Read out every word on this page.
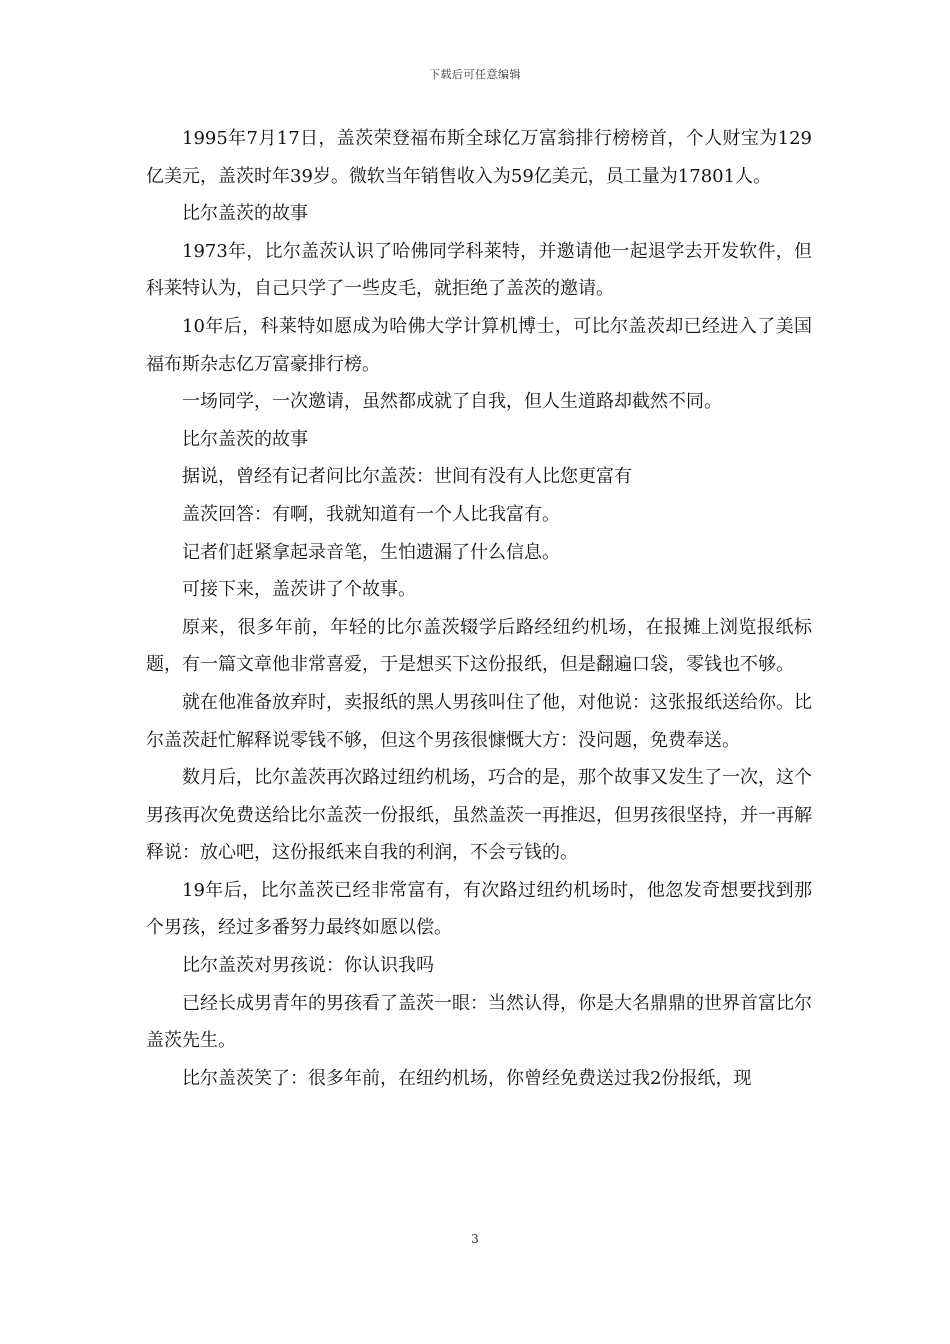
下载后可任意编辑

1995年7月17日，盖茨荣登福布斯全球亿万富翁排行榜榜首，个人财宝为129亿美元，盖茨时年39岁。微软当年销售收入为59亿美元，员工量为17801人。

比尔盖茨的故事

1973年，比尔盖茨认识了哈佛同学科莱特，并邀请他一起退学去开发软件，但科莱特认为，自己只学了一些皮毛，就拒绝了盖茨的邀请。

10年后，科莱特如愿成为哈佛大学计算机博士，可比尔盖茨却已经进入了美国福布斯杂志亿万富豪排行榜。

一场同学，一次邀请，虽然都成就了自我，但人生道路却截然不同。

比尔盖茨的故事

据说，曾经有记者问比尔盖茨：世间有没有人比您更富有

盖茨回答：有啊，我就知道有一个人比我富有。

记者们赶紧拿起录音笔，生怕遗漏了什么信息。

可接下来，盖茨讲了个故事。

原来，很多年前，年轻的比尔盖茨辍学后路经纽约机场，在报摊上浏览报纸标题，有一篇文章他非常喜爱，于是想买下这份报纸，但是翻遍口袋，零钱也不够。

就在他准备放弃时，卖报纸的黑人男孩叫住了他，对他说：这张报纸送给你。比尔盖茨赶忙解释说零钱不够，但这个男孩很慷慨大方：没问题，免费奉送。

数月后，比尔盖茨再次路过纽约机场，巧合的是，那个故事又发生了一次，这个男孩再次免费送给比尔盖茨一份报纸，虽然盖茨一再推迟，但男孩很坚持，并一再解释说：放心吧，这份报纸来自我的利润，不会亏钱的。

19年后，比尔盖茨已经非常富有，有次路过纽约机场时，他忽发奇想要找到那个男孩，经过多番努力最终如愿以偿。

比尔盖茨对男孩说：你认识我吗

已经长成男青年的男孩看了盖茨一眼：当然认得，你是大名鼎鼎的世界首富比尔盖茨先生。

比尔盖茨笑了：很多年前，在纽约机场，你曾经免费送过我2份报纸，现

3
